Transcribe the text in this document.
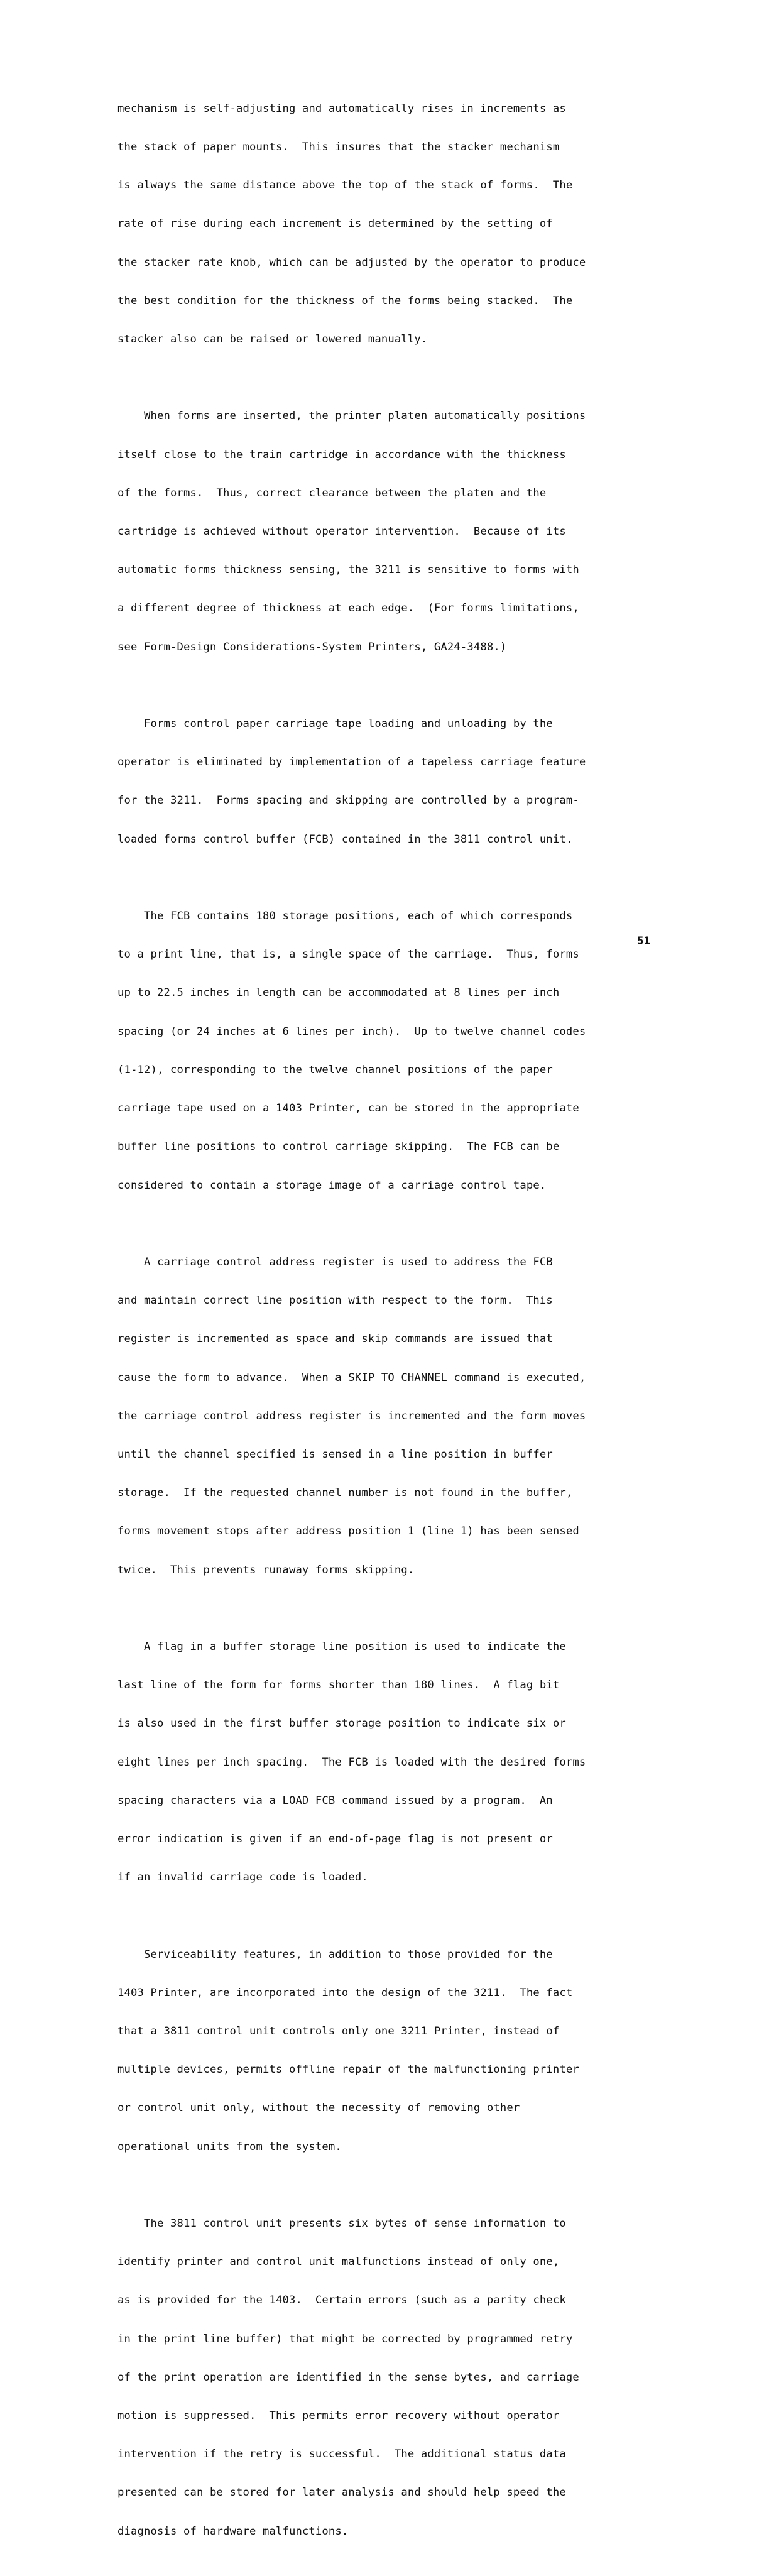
mechanism is self-adjusting and automatically rises in increments as

the stack of paper mounts.  This insures that the stacker mechanism

is always the same distance above the top of the stack of forms.  The

rate of rise during each increment is determined by the setting of

the stacker rate knob, which can be adjusted by the operator to produce

the best condition for the thickness of the forms being stacked.  The

stacker also can be raised or lowered manually.

When forms are inserted, the printer platen automatically positions

itself close to the train cartridge in accordance with the thickness

of the forms.  Thus, correct clearance between the platen and the

cartridge is achieved without operator intervention.  Because of its

automatic forms thickness sensing, the 3211 is sensitive to forms with

a different degree of thickness at each edge.  (For forms limitations,

see Form-Design Considerations-System Printers, GA24-3488.)

Forms control paper carriage tape loading and unloading by the

operator is eliminated by implementation of a tapeless carriage feature

for the 3211.  Forms spacing and skipping are controlled by a program-

loaded forms control buffer (FCB) contained in the 3811 control unit.

The FCB contains 180 storage positions, each of which corresponds

to a print line, that is, a single space of the carriage.  Thus, forms

up to 22.5 inches in length can be accommodated at 8 lines per inch

spacing (or 24 inches at 6 lines per inch).  Up to twelve channel codes

(1-12), corresponding to the twelve channel positions of the paper

carriage tape used on a 1403 Printer, can be stored in the appropriate

buffer line positions to control carriage skipping.  The FCB can be

considered to contain a storage image of a carriage control tape.

A carriage control address register is used to address the FCB

and maintain correct line position with respect to the form.  This

register is incremented as space and skip commands are issued that

cause the form to advance.  When a SKIP TO CHANNEL command is executed,

the carriage control address register is incremented and the form moves

until the channel specified is sensed in a line position in buffer

storage.  If the requested channel number is not found in the buffer,

forms movement stops after address position 1 (line 1) has been sensed

twice.  This prevents runaway forms skipping.

A flag in a buffer storage line position is used to indicate the

last line of the form for forms shorter than 180 lines.  A flag bit

is also used in the first buffer storage position to indicate six or

eight lines per inch spacing.  The FCB is loaded with the desired forms

spacing characters via a LOAD FCB command issued by a program.  An

error indication is given if an end-of-page flag is not present or

if an invalid carriage code is loaded.

Serviceability features, in addition to those provided for the

1403 Printer, are incorporated into the design of the 3211.  The fact

that a 3811 control unit controls only one 3211 Printer, instead of

multiple devices, permits offline repair of the malfunctioning printer

or control unit only, without the necessity of removing other

operational units from the system.

The 3811 control unit presents six bytes of sense information to

identify printer and control unit malfunctions instead of only one,

as is provided for the 1403.  Certain errors (such as a parity check

in the print line buffer) that might be corrected by programmed retry

of the print operation are identified in the sense bytes, and carriage

motion is suppressed.  This permits error recovery without operator

intervention if the retry is successful.  The additional status data

presented can be stored for later analysis and should help speed the

diagnosis of hardware malfunctions.

51
